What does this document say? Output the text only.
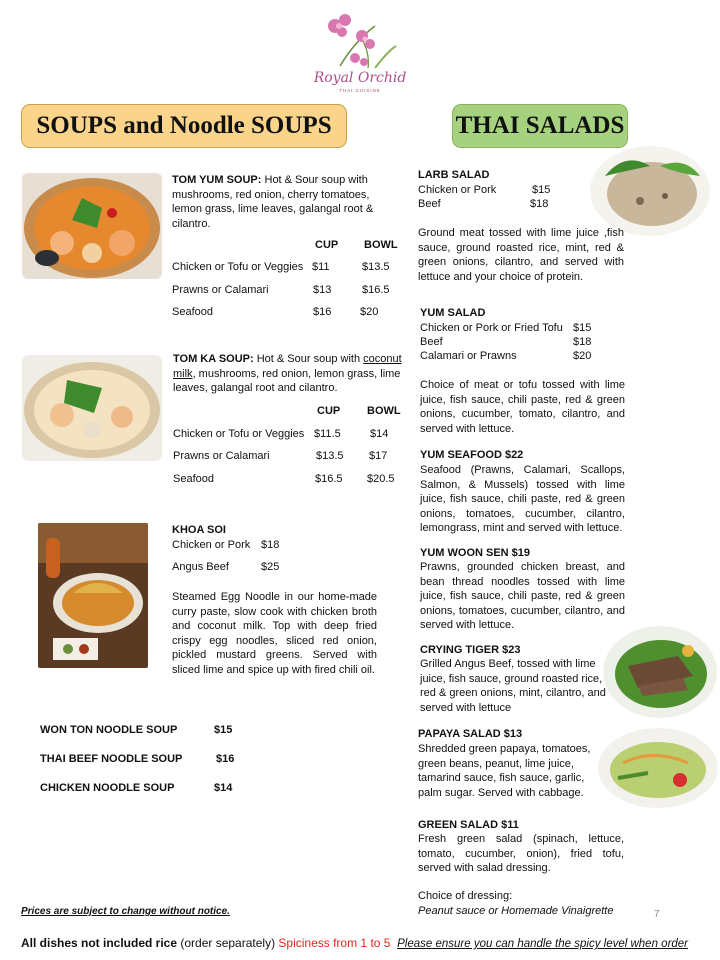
Royal Orchid
THAI CUISINE
SOUPS and Noodle SOUPS	THAI SALADS
TOM YUM SOUP: Hot & Sour soup with mushrooms, red onion, cherry tomatoes, lemon grass, lime leaves, galangal root & cilantro.
CUP BOWL
Chicken or Tofu or Veggies $11	$13.5
Prawns or Calamari	$13	$16.5
Seafood	$16	$20
TOM KA SOUP: Hot & Sour soup with coconut milk, mushrooms, red onion, lemon grass, lime leaves, galangal root and cilantro.
CUP BOWL
Chicken or Tofu or Veggies $11.5	$14
Prawns or Calamari	$13.5 $17
Seafood	$16.5 $20.5
KHOA SOI
Chicken or Pork $18
Angus Beef	$25
Steamed Egg Noodle in our home-made curry paste, slow cook with chicken broth and coconut milk. Top with deep fried crispy egg noodles, sliced red onion, pickled mustard greens. Served with sliced lime and spice up with fired chili oil.
WON TON NOODLE SOUP	$15
THAI BEEF NOODLE SOUP	$16
CHICKEN NOODLE SOUP	$14
LARB SALAD
Chicken or Pork	$15
Beef	$18
Ground meat tossed with lime juice ,fish sauce, ground roasted rice, mint, red & green onions, cilantro, and served with lettuce and your choice of protein.
YUM SALAD
Chicken or Pork or Fried Tofu $15
Beef	$18
Calamari or Prawns	$20
Choice of meat or tofu tossed with lime juice, fish sauce, chili paste, red & green onions, cucumber, tomato, cilantro, and served with lettuce.
YUM SEAFOOD $22
Seafood (Prawns, Calamari, Scallops, Salmon, & Mussels) tossed with lime juice, fish sauce, chili paste, red & green onions, tomatoes, cucumber, cilantro, lemongrass, mint and served with lettuce.
YUM WOON SEN $19
Prawns, grounded chicken breast, and bean thread noodles tossed with lime juice, fish sauce, chili paste, red & green onions, tomatoes, cucumber, cilantro, and served with lettuce.
CRYING TIGER $23
Grilled Angus Beef, tossed with lime juice, fish sauce, ground roasted rice, red & green onions, mint, cilantro, and served with lettuce
PAPAYA SALAD $13
Shredded green papaya, tomatoes, green beans, peanut, lime juice, tamarind sauce, fish sauce, garlic, palm sugar. Served with cabbage.
GREEN SALAD $11
Fresh green salad (spinach, lettuce, tomato, cucumber, onion), fried tofu, served with salad dressing.
Choice of dressing:
Peanut sauce or Homemade Vinaigrette	7
Prices are subject to change without notice.
All dishes not included rice (order separately) Spiciness from 1 to 5 Please ensure you can handle the spicy level when order
